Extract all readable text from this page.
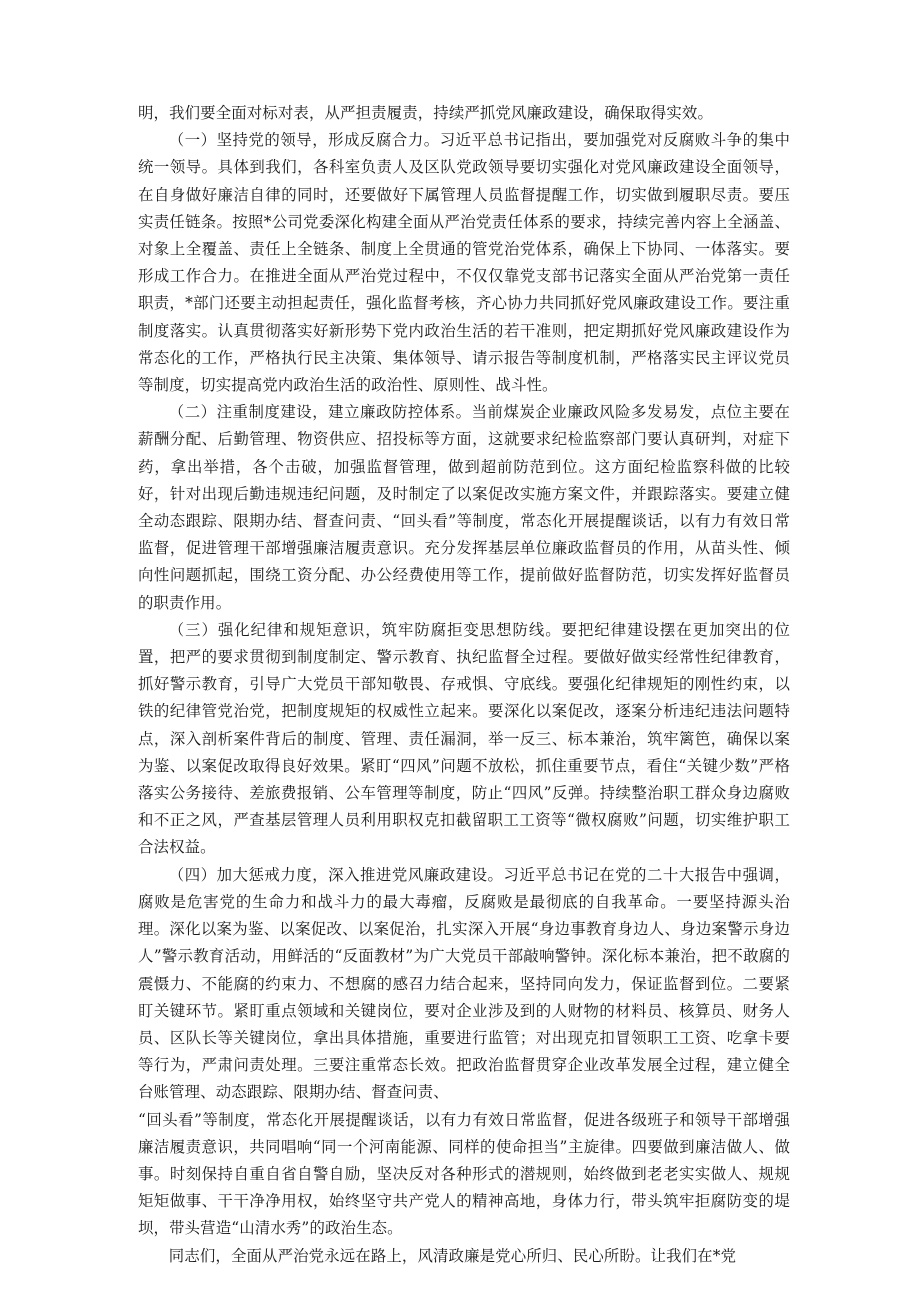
明，我们要全面对标对表，从严担责履责，持续严抓党风廉政建设，确保取得实效。

（一）坚持党的领导，形成反腐合力。习近平总书记指出，要加强党对反腐败斗争的集中统一领导。具体到我们，各科室负责人及区队党政领导要切实强化对党风廉政建设全面领导，在自身做好廉洁自律的同时，还要做好下属管理人员监督提醒工作，切实做到履职尽责。要压实责任链条。按照*公司党委深化构建全面从严治党责任体系的要求，持续完善内容上全涵盖、对象上全覆盖、责任上全链条、制度上全贯通的管党治党体系，确保上下协同、一体落实。要形成工作合力。在推进全面从严治党过程中，不仅仅靠党支部书记落实全面从严治党第一责任职责，*部门还要主动担起责任，强化监督考核，齐心协力共同抓好党风廉政建设工作。要注重制度落实。认真贯彻落实好新形势下党内政治生活的若干准则，把定期抓好党风廉政建设作为常态化的工作，严格执行民主决策、集体领导、请示报告等制度机制，严格落实民主评议党员等制度，切实提高党内政治生活的政治性、原则性、战斗性。

（二）注重制度建设，建立廉政防控体系。当前煤炭企业廉政风险多发易发，点位主要在薪酬分配、后勤管理、物资供应、招投标等方面，这就要求纪检监察部门要认真研判，对症下药，拿出举措，各个击破，加强监督管理，做到超前防范到位。这方面纪检监察科做的比较好，针对出现后勤违规违纪问题，及时制定了以案促改实施方案文件，并跟踪落实。要建立健全动态跟踪、限期办结、督查问责、“回头看”等制度，常态化开展提醒谈话，以有力有效日常监督，促进管理干部增强廉洁履责意识。充分发挥基层单位廉政监督员的作用，从苗头性、倾向性问题抓起，围绕工资分配、办公经费使用等工作，提前做好监督防范，切实发挥好监督员的职责作用。

（三）强化纪律和规矩意识，筑牢防腐拒变思想防线。要把纪律建设摆在更加突出的位置，把严的要求贯彻到制度制定、警示教育、执纪监督全过程。要做好做实经常性纪律教育，抓好警示教育，引导广大党员干部知敬畏、存戒惧、守底线。要强化纪律规矩的刚性约束，以铁的纪律管党治党，把制度规矩的权威性立起来。要深化以案促改，逐案分析违纪违法问题特点，深入剖析案件背后的制度、管理、责任漏洞，举一反三、标本兼治，筑牢篱笆，确保以案为鉴、以案促改取得良好效果。紧盯“四风”问题不放松，抓住重要节点，看住“关键少数”严格落实公务接待、差旅费报销、公车管理等制度，防止“四风”反弹。持续整治职工群众身边腐败和不正之风，严查基层管理人员利用职权克扣截留职工工资等“微权腐败”问题，切实维护职工合法权益。

（四）加大惩戒力度，深入推进党风廉政建设。习近平总书记在党的二十大报告中强调，腐败是危害党的生命力和战斗力的最大毒瘤，反腐败是最彻底的自我革命。一要坚持源头治理。深化以案为鉴、以案促改、以案促治，扎实深入开展“身边事教育身边人、身边案警示身边人”警示教育活动，用鲜活的“反面教材”为广大党员干部敲响警钟。深化标本兼治，把不敢腐的震慑力、不能腐的约束力、不想腐的感召力结合起来，坚持同向发力，保证监督到位。二要紧盯关键环节。紧盯重点领域和关键岗位，要对企业涉及到的人财物的材料员、核算员、财务人员、区队长等关键岗位，拿出具体措施，重要进行监管；对出现克扣冒领职工工资、吃拿卡要等行为，严肃问责处理。三要注重常态长效。把政治监督贯穿企业改革发展全过程，建立健全台账管理、动态跟踪、限期办结、督查问责、

“回头看”等制度，常态化开展提醒谈话，以有力有效日常监督，促进各级班子和领导干部增强廉洁履责意识，共同唱响“同一个河南能源、同样的使命担当”主旋律。四要做到廉洁做人、做事。时刻保持自重自省自警自励，坚决反对各种形式的潜规则，始终做到老老实实做人、规规矩矩做事、干干净净用权，始终坚守共产党人的精神高地，身体力行，带头筑牢拒腐防变的堤坝，带头营造“山清水秀”的政治生态。

同志们，全面从严治党永远在路上，风清政廉是党心所归、民心所盼。让我们在*党
